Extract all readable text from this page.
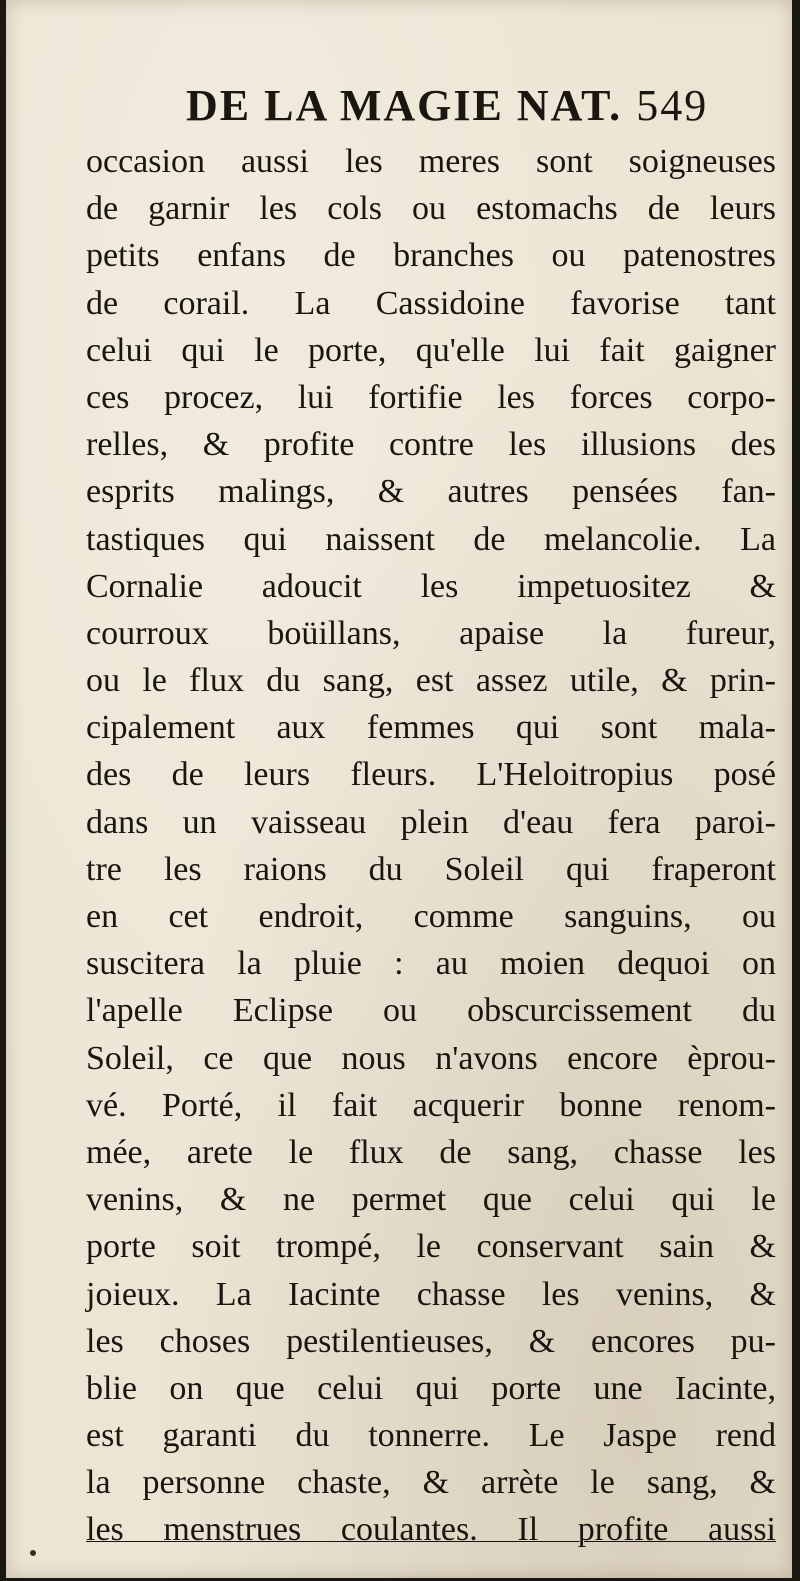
DE LA MAGIE NAT. 549
occasion aussi les meres sont soigneuses
de garnir les cols ou estomachs de leurs
petits enfans de branches ou patenostres
de corail. La Cassidoine favorise tant
celui qui le porte, qu'elle lui fait gaigner
ces procez, lui fortifie les forces corpo-
relles, & profite contre les illusions des
esprits malings, & autres pensées fan-
tastiques qui naissent de melancolie. La
Cornalie adoucit les impetuositez &
courroux boüillans, apaise la fureur,
ou le flux du sang, est assez utile, & prin-
cipalement aux femmes qui sont mala-
des de leurs fleurs. L'Heloitropius posé
dans un vaisseau plein d'eau fera paroi-
tre les raions du Soleil qui fraperont
en cet endroit, comme sanguins, ou
suscitera la pluie : au moien dequoi on
l'apelle Eclipse ou obscurcissement du
Soleil, ce que nous n'avons encore èprou-
vé. Porté, il fait acquerir bonne renom-
mée, arete le flux de sang, chasse les
venins, & ne permet que celui qui le
porte soit trompé, le conservant sain &
joieux. La Iacinte chasse les venins, &
les choses pestilentieuses, & encores pu-
blie on que celui qui porte une Iacinte,
est garanti du tonnerre. Le Jaspe rend
la personne chaste, & arrète le sang, &
les menstrues coulantes. Il profite aussi
